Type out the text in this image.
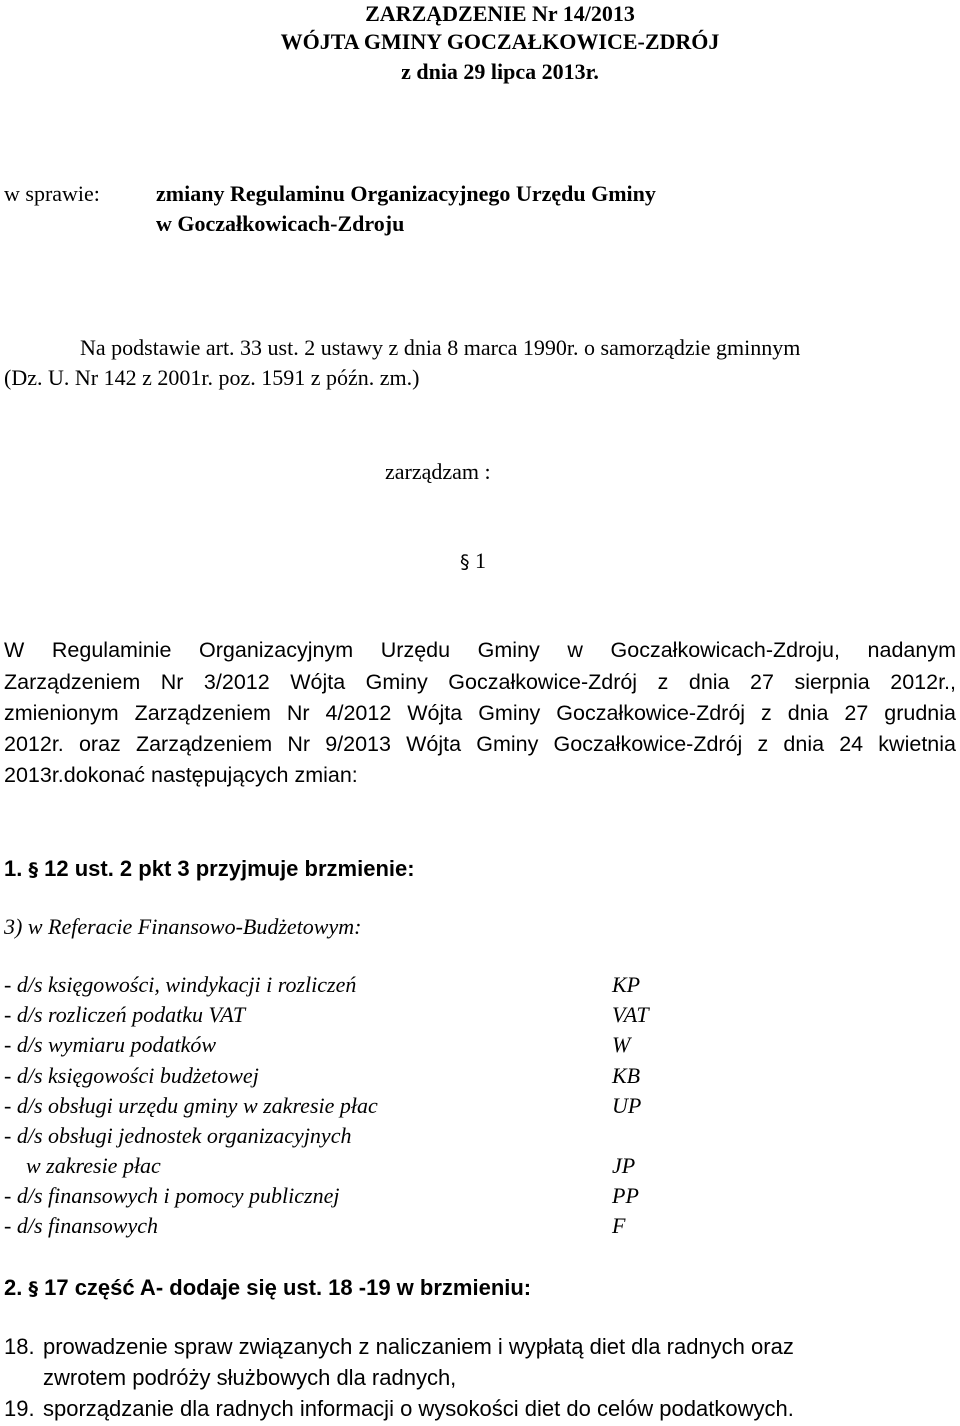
ZARZĄDZENIE Nr 14/2013
WÓJTA GMINY GOCZAŁKOWICE-ZDRÓJ
z dnia 29 lipca 2013r.
w sprawie:	zmiany Regulaminu Organizacyjnego Urzędu Gminy
w Goczałkowicach-Zdroju
Na podstawie art. 33 ust. 2 ustawy z dnia 8 marca 1990r. o samorządzie gminnym
(Dz. U. Nr 142 z 2001r. poz. 1591 z późn. zm.)
zarządzam :
§ 1
W Regulaminie Organizacyjnym Urzędu Gminy w Goczałkowicach-Zdroju, nadanym
Zarządzeniem Nr 3/2012 Wójta Gminy Goczałkowice-Zdrój z dnia 27 sierpnia 2012r.,
zmienionym Zarządzeniem Nr 4/2012 Wójta Gminy Goczałkowice-Zdrój z dnia 27 grudnia
2012r. oraz Zarządzeniem Nr 9/2013 Wójta Gminy Goczałkowice-Zdrój z dnia 24 kwietnia
2013r.dokonać następujących zmian:
1. § 12 ust. 2 pkt 3 przyjmuje brzmienie:
3) w Referacie Finansowo-Budżetowym:
- d/s księgowości, windykacji i rozliczeń	KP
- d/s rozliczeń podatku VAT	VAT
- d/s wymiaru podatków	W
- d/s księgowości budżetowej	KB
- d/s obsługi urzędu gminy w zakresie płac	UP
- d/s obsługi jednostek organizacyjnych
w zakresie płac	JP
- d/s finansowych i pomocy publicznej	PP
- d/s finansowych	F
2. § 17 część A- dodaje się ust. 18 -19 w brzmieniu:
18. prowadzenie spraw związanych z naliczaniem i wypłatą diet dla radnych oraz
zwrotem podróży służbowych dla radnych,
19. sporządzanie dla radnych informacji o wysokości diet do celów podatkowych.
